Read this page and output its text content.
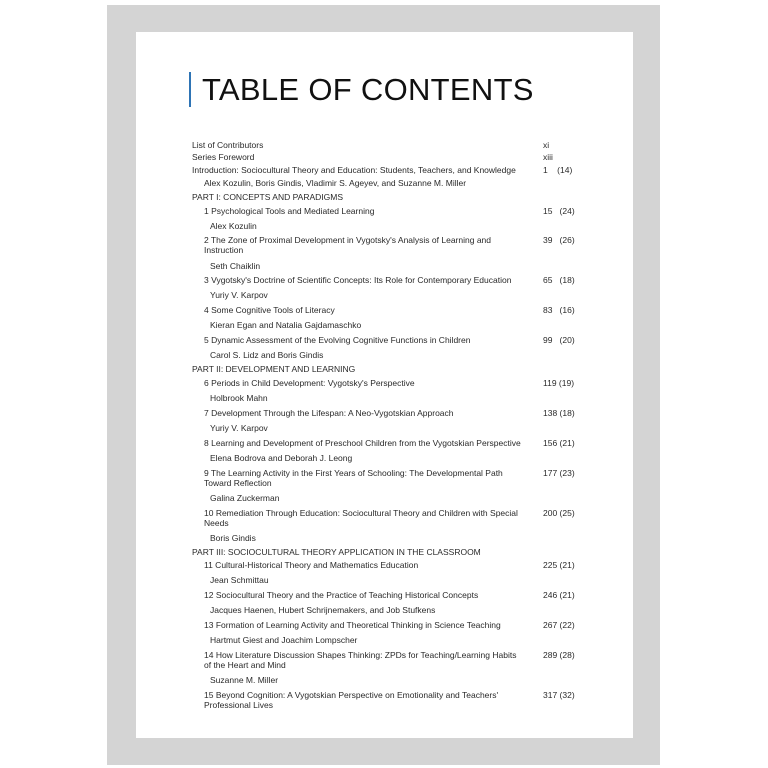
TABLE OF CONTENTS
List of Contributors	xi
Series Foreword	xiii
Introduction: Sociocultural Theory and Education: Students, Teachers, and Knowledge	1    (14)
Alex Kozulin, Boris Gindis, Vladimir S. Ageyev, and Suzanne M. Miller
PART I: CONCEPTS AND PARADIGMS
1 Psychological Tools and Mediated Learning	15   (24)
Alex Kozulin
2 The Zone of Proximal Development in Vygotsky's Analysis of Learning and Instruction
39   (26)
Seth Chaiklin
3 Vygotsky's Doctrine of Scientific Concepts: Its Role for Contemporary Education	65   (18)
Yuriy V. Karpov
4 Some Cognitive Tools of Literacy	83   (16)
Kieran Egan and Natalia Gajdamaschko
5 Dynamic Assessment of the Evolving Cognitive Functions in Children	99   (20)
Carol S. Lidz and Boris Gindis
PART II: DEVELOPMENT AND LEARNING
6 Periods in Child Development: Vygotsky's Perspective	119 (19)
Holbrook Mahn
7 Development Through the Lifespan: A Neo-Vygotskian Approach	138 (18)
Yuriy V. Karpov
8 Learning and Development of Preschool Children from the Vygotskian Perspective	156 (21)
Elena Bodrova and Deborah J. Leong
9 The Learning Activity in the First Years of Schooling: The Developmental Path Toward Reflection
177 (23)
Galina Zuckerman
10 Remediation Through Education: Sociocultural Theory and Children with Special Needs
200 (25)
Boris Gindis
PART III: SOCIOCULTURAL THEORY APPLICATION IN THE CLASSROOM
11 Cultural-Historical Theory and Mathematics Education	225 (21)
Jean Schmittau
12 Sociocultural Theory and the Practice of Teaching Historical Concepts	246 (21)
Jacques Haenen, Hubert Schrijnemakers, and Job Stufkens
13 Formation of Learning Activity and Theoretical Thinking in Science Teaching	267 (22)
Hartmut Giest and Joachim Lompscher
14 How Literature Discussion Shapes Thinking: ZPDs for Teaching/Learning Habits of the Heart and Mind
289 (28)
Suzanne M. Miller
15 Beyond Cognition: A Vygotskian Perspective on Emotionality and Teachers' Professional Lives
317 (32)
